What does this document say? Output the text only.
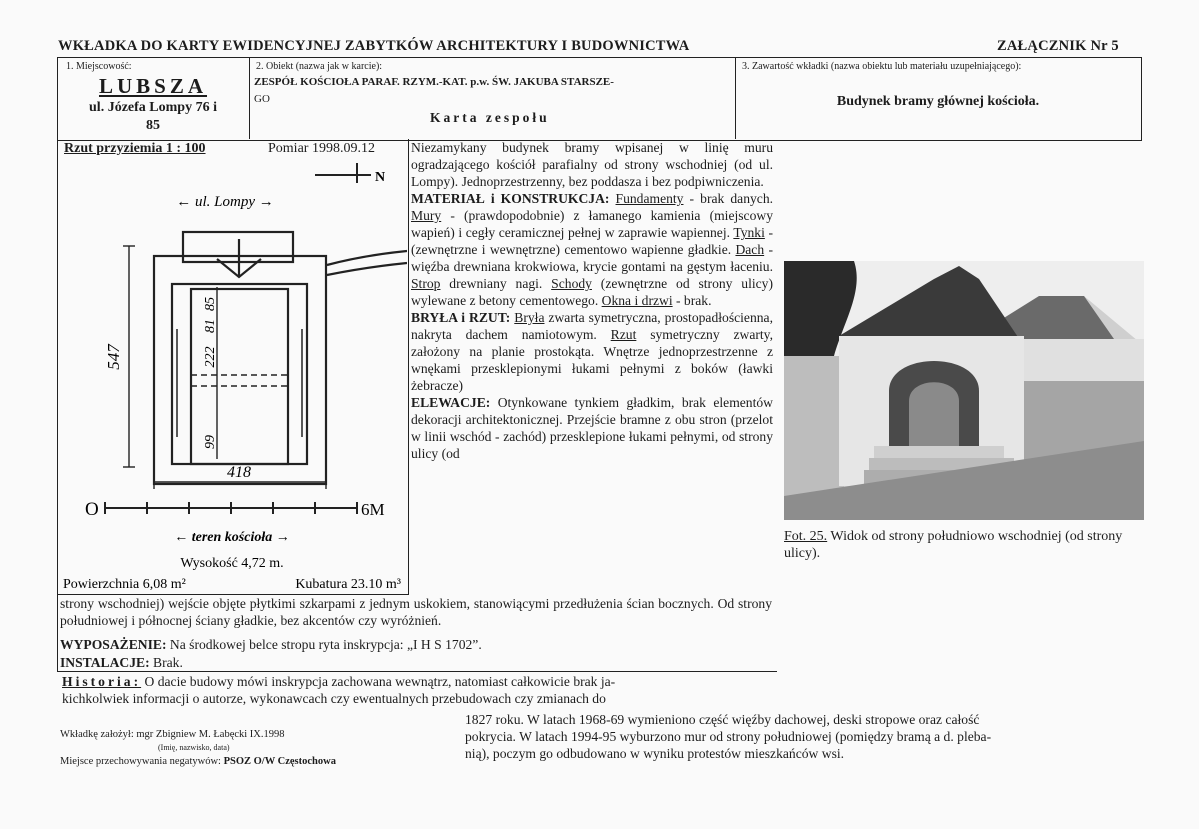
WKŁADKA DO KARTY EWIDENCYJNEJ ZABYTKÓW ARCHITEKTURY I BUDOWNICTWA	ZAŁĄCZNIK Nr 5
1. Miejscowość:
LUBSZA
ul. Józefa Lompy 76 i
85
2. Obiekt (nazwa jak w karcie):
ZESPÓŁ KOŚCIOŁA PARAF. RZYM.-KAT. p.w. ŚW. JAKUBA STARSZE-
GO
Karta zespołu
3. Zawartość wkładki (nazwa obiektu lub materiału uzupełniającego):
Budynek bramy głównej kościoła.
Rzut przyziemia 1 : 100	Pomiar 1998.09.12
N
← ul. Lompy →
547
418
85
81
222
99
O	6M
← teren kościoła →
Wysokość 4,72 m.
Powierzchnia 6,08 m²	Kubatura 23.10 m³

Niezamykany budynek bramy wpisanej w linię muru ogradzającego kościół parafialny od strony wschodniej (od ul. Lompy). Jednoprzestrzenny, bez poddasza i bez podpiwniczenia.

MATERIAŁ i KONSTRUKCJA: Fundamenty - brak danych. Mury - (prawdopodobnie) z łamanego kamienia (miejscowy wapień) i cegły ceramicznej pełnej w zaprawie wapiennej. Tynki - (zewnętrzne i wewnętrzne) cementowo wapienne gładkie. Dach - więźba drewniana krokwiowa, krycie gontami na gęstym łaceniu. Strop drewniany nagi. Schody (zewnętrzne od strony ulicy) wylewane z betony cementowego. Okna i drzwi - brak.

BRYŁA i RZUT: Bryła zwarta symetryczna, prostopadłościenna, nakryta dachem namiotowym. Rzut symetryczny zwarty, założony na planie prostokąta. Wnętrze jednoprzestrzenne z wnękami przesklepionymi łukami pełnymi z boków (ławki żebracze)

ELEWACJE: Otynkowane tynkiem gładkim, brak elementów dekoracji architektonicznej. Przejście bramne z obu stron (przelot w linii wschód - zachód) przesklepione łukami pełnymi, od strony ulicy (od

Fot. 25. Widok od strony południowo wschodniej (od strony ulicy).
strony wschodniej) wejście objęte płytkimi szkarpami z jednym uskokiem, stanowiącymi przedłużenia ścian bocznych. Od strony południowej i północnej ściany gładkie, bez akcentów czy wyróżnień.
WYPOSAŻENIE: Na środkowej belce stropu ryta inskrypcja: „I H S 1702”.
INSTALACJE: Brak.
Historia: O dacie budowy mówi inskrypcja zachowana wewnątrz, natomiast całkowicie brak ja-
kichkolwiek informacji o autorze, wykonawcach czy ewentualnych przebudowach czy zmianach do
1827 roku. W latach 1968-69 wymieniono część więźby dachowej, deski stropowe oraz całość
pokrycia. W latach 1994-95 wyburzono mur od strony południowej (pomiędzy bramą a d. pleba-
nią), poczym go odbudowano w wyniku protestów mieszkańców wsi.
Wkładkę założył: mgr Zbigniew M. Łabęcki IX.1998
(Imię, nazwisko, data)
Miejsce przechowywania negatywów: PSOZ O/W Częstochowa
